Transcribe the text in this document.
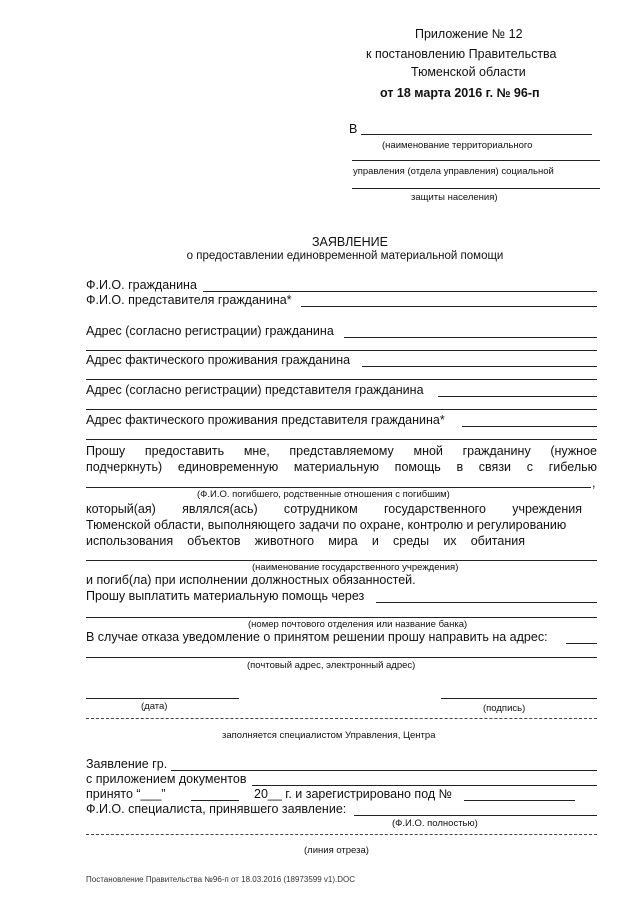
Приложение № 12
к постановлению Правительства
Тюменской области
от 18 марта 2016 г. № 96-п
В
(наименование территориального
управления (отдела управления) социальной
защиты населения)
ЗАЯВЛЕНИЕ
о предоставлении единовременной материальной помощи
Ф.И.О. гражданина
Ф.И.О. представителя гражданина*
Адрес (согласно регистрации) гражданина
Адрес фактического проживания гражданина
Адрес (согласно регистрации) представителя гражданина
Адрес фактического проживания представителя гражданина*
Прошу предоставить мне, представляемому мной гражданину (нужное
подчеркнуть) единовременную материальную помощь в связи с гибелью
,
(Ф.И.О. погибшего, родственные отношения с погибшим)
который(ая) являлся(ась) сотрудником государственного учреждения
Тюменской области, выполняющего задачи по охране, контролю и регулированию
использования объектов животного мира и среды их обитания
(наименование государственного учреждения)
и погиб(ла) при исполнении должностных обязанностей.
Прошу выплатить материальную помощь через
(номер почтового отделения или название банка)
В случае отказа уведомление о принятом решении прошу направить на адрес:
(почтовый адрес, электронный адрес)
(дата)	(подпись)
заполняется специалистом Управления, Центра
Заявление гр.
с приложением документов
принято “___”	20__ г. и зарегистрировано под №
Ф.И.О. специалиста, принявшего заявление:
(Ф.И.О. полностью)
(линия отреза)
Постановление Правительства №96-п от 18.03.2016 (18973599 v1).DOC
